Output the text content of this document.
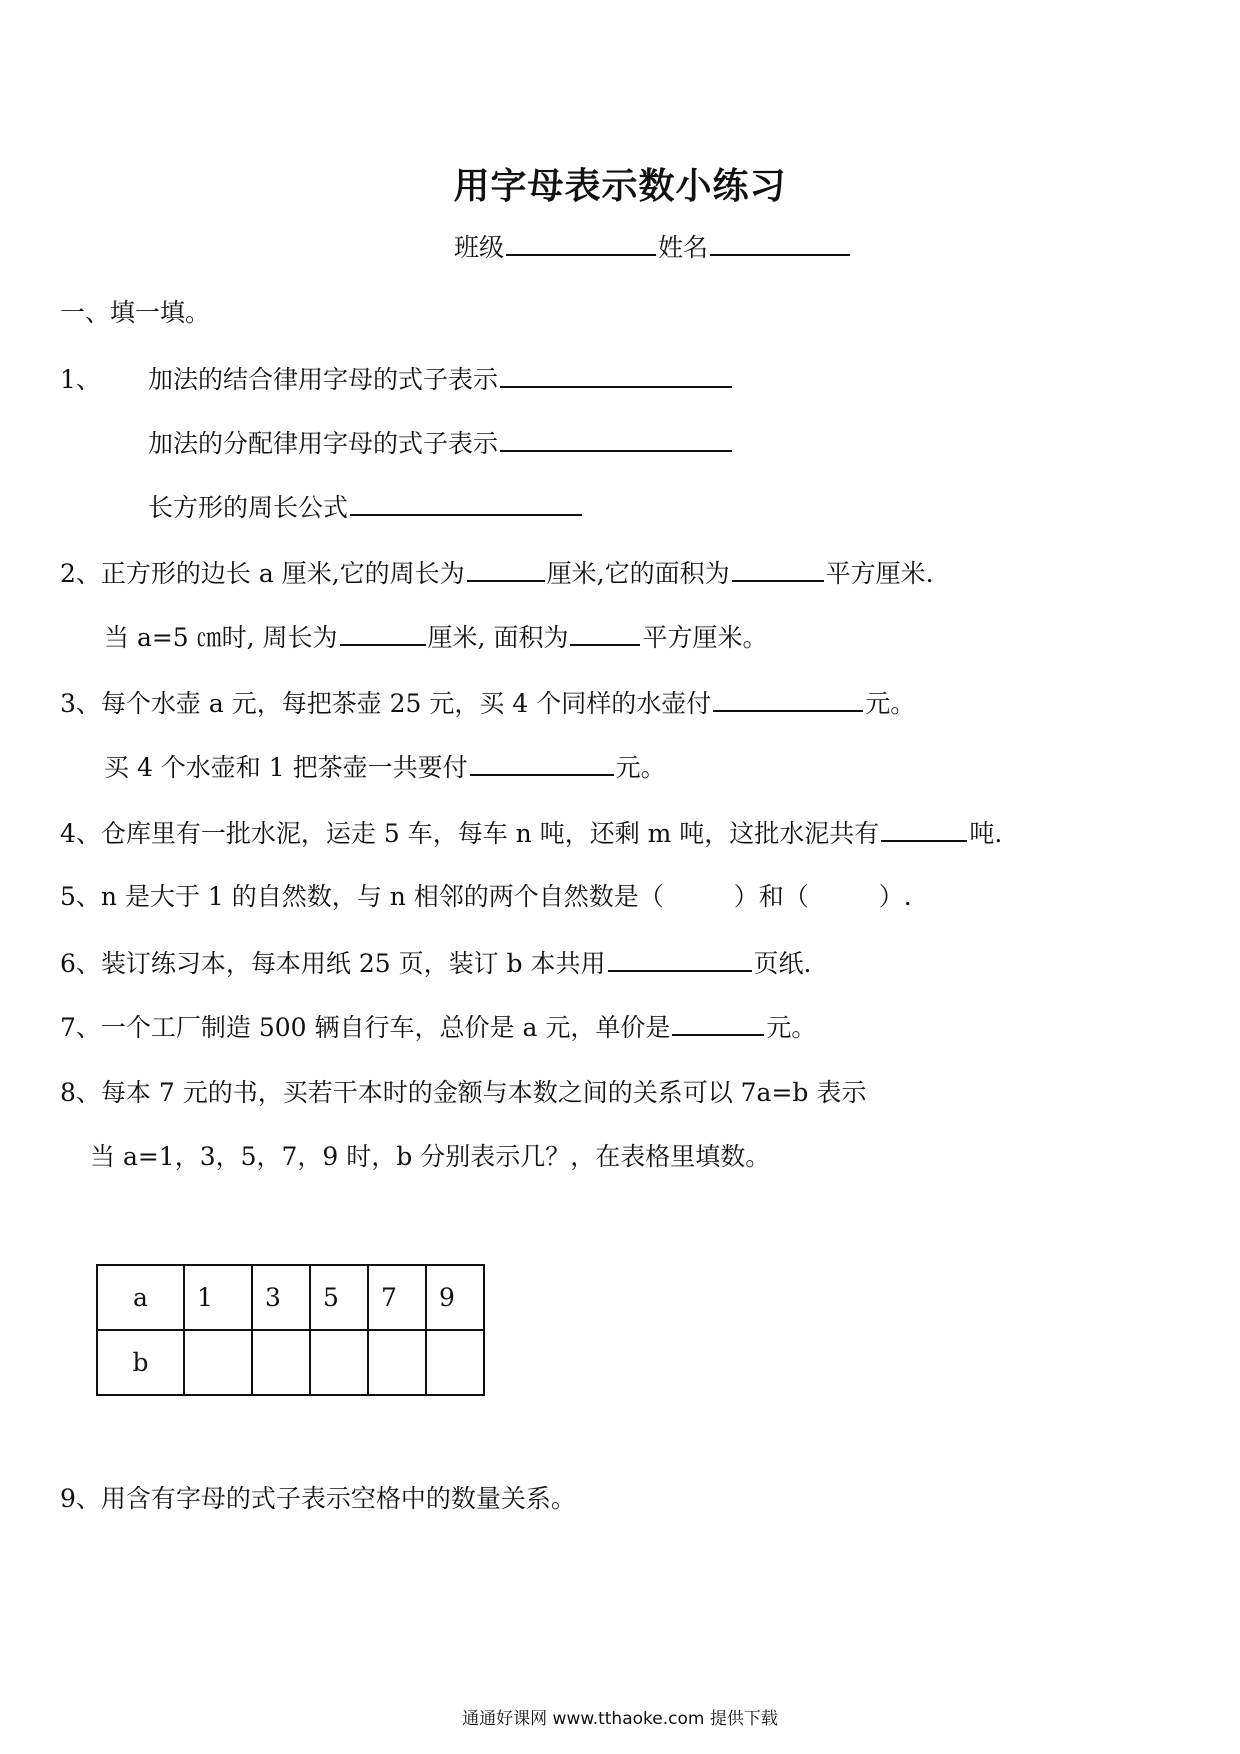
用字母表示数小练习
班级	姓名
一、填一填。
1、 加法的结合律用字母的式子表示
加法的分配律用字母的式子表示
长方形的周长公式
2、正方形的边长 a 厘米,它的周长为	厘米,它的面积为	平方厘米.
当 a=5 ㎝时, 周长为	厘米, 面积为	平方厘米。
3、每个水壶 a 元，每把茶壶 25 元，买 4 个同样的水壶付	元。
买 4 个水壶和 1 把茶壶一共要付	元。
4、仓库里有一批水泥，运走 5 车，每车 n 吨，还剩 m 吨，这批水泥共有	吨.
5、n 是大于 1 的自然数，与 n 相邻的两个自然数是（	）和（	）.
6、装订练习本，每本用纸 25 页，装订 b 本共用	页纸.
7、一个工厂制造 500 辆自行车，总价是 a 元，单价是	元。
8、每本 7 元的书，买若干本时的金额与本数之间的关系可以 7a=b 表示
当 a=1，3，5，7，9 时，b 分别表示几？，在表格里填数。
a	1	3	5	7	9
b					
9、用含有字母的式子表示空格中的数量关系。
通通好课网 www.tthaoke.com 提供下载
